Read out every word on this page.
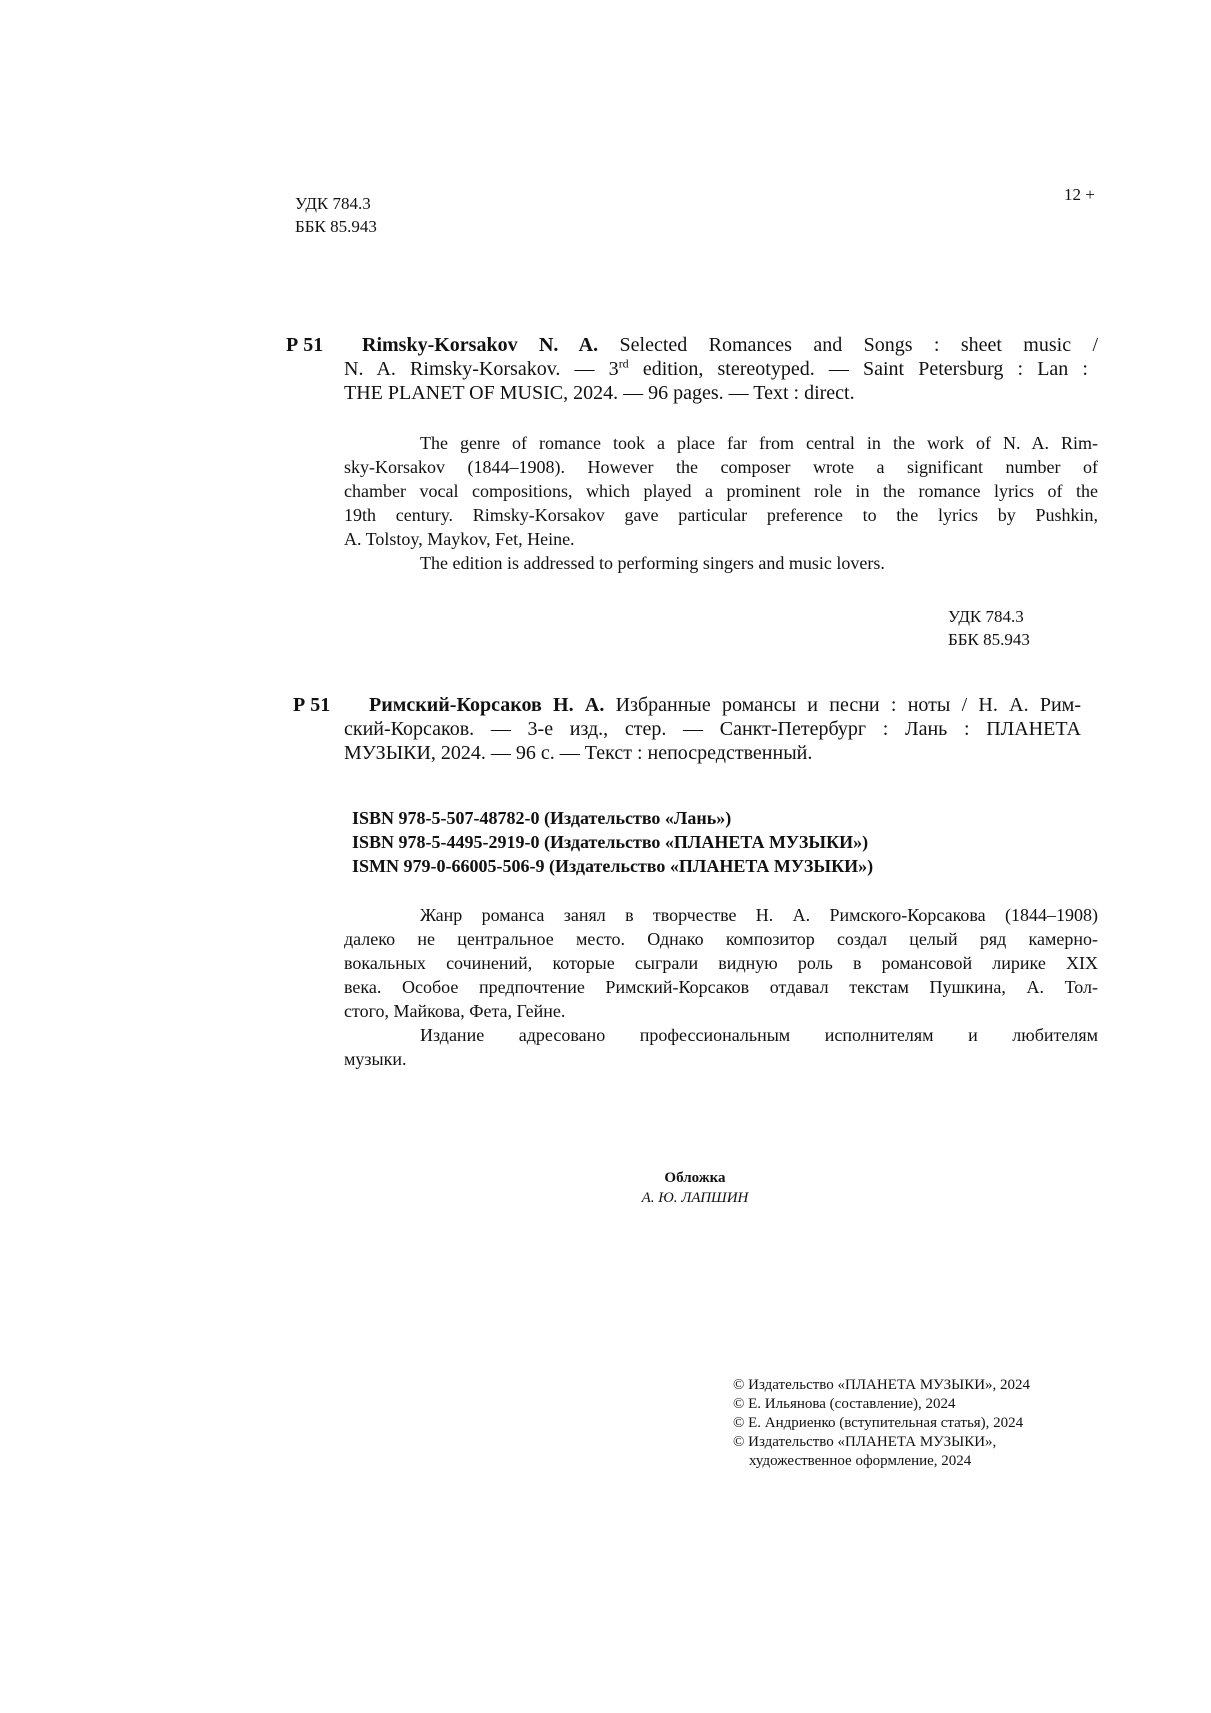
УДК 784.3
ББК 85.943
12 +
Р 51 Rimsky-Korsakov N. A. Selected Romances and Songs : sheet music /
N. A. Rimsky-Korsakov. — 3rd edition, stereotyped. — Saint Petersburg : Lan :
THE PLANET OF MUSIC, 2024. — 96 pages. — Text : direct.
The genre of romance took a place far from central in the work of N. A. Rim-
sky-Korsakov (1844–1908). However the composer wrote a significant number of
chamber vocal compositions, which played a prominent role in the romance lyrics of the
19th century. Rimsky-Korsakov gave particular preference to the lyrics by Pushkin,
A. Tolstoy, Maykov, Fet, Heine.
The edition is addressed to performing singers and music lovers.
УДК 784.3
ББК 85.943
Р 51 Римский-Корсаков Н. А. Избранные романсы и песни : ноты / Н. А. Рим-
ский-Корсаков. — 3-е изд., стер. — Санкт-Петербург : Лань : ПЛАНЕТА
МУЗЫКИ, 2024. — 96 с. — Текст : непосредственный.
ISBN 978-5-507-48782-0 (Издательство «Лань»)
ISBN 978-5-4495-2919-0 (Издательство «ПЛАНЕТА МУЗЫКИ»)
ISMN 979-0-66005-506-9 (Издательство «ПЛАНЕТА МУЗЫКИ»)
Жанр романса занял в творчестве Н. А. Римского-Корсакова (1844–1908)
далеко не центральное место. Однако композитор создал целый ряд камерно-
вокальных сочинений, которые сыграли видную роль в романсовой лирике XIX
века. Особое предпочтение Римский-Корсаков отдавал текстам Пушкина, А. Тол-
стого, Майкова, Фета, Гейне.
Издание адресовано профессиональным исполнителям и любителям
музыки.
Обложка
А. Ю. ЛАПШИН
© Издательство «ПЛАНЕТА МУЗЫКИ», 2024
© Е. Ильянова (составление), 2024
© Е. Андриенко (вступительная статья), 2024
© Издательство «ПЛАНЕТА МУЗЫКИ»,
художественное оформление, 2024
